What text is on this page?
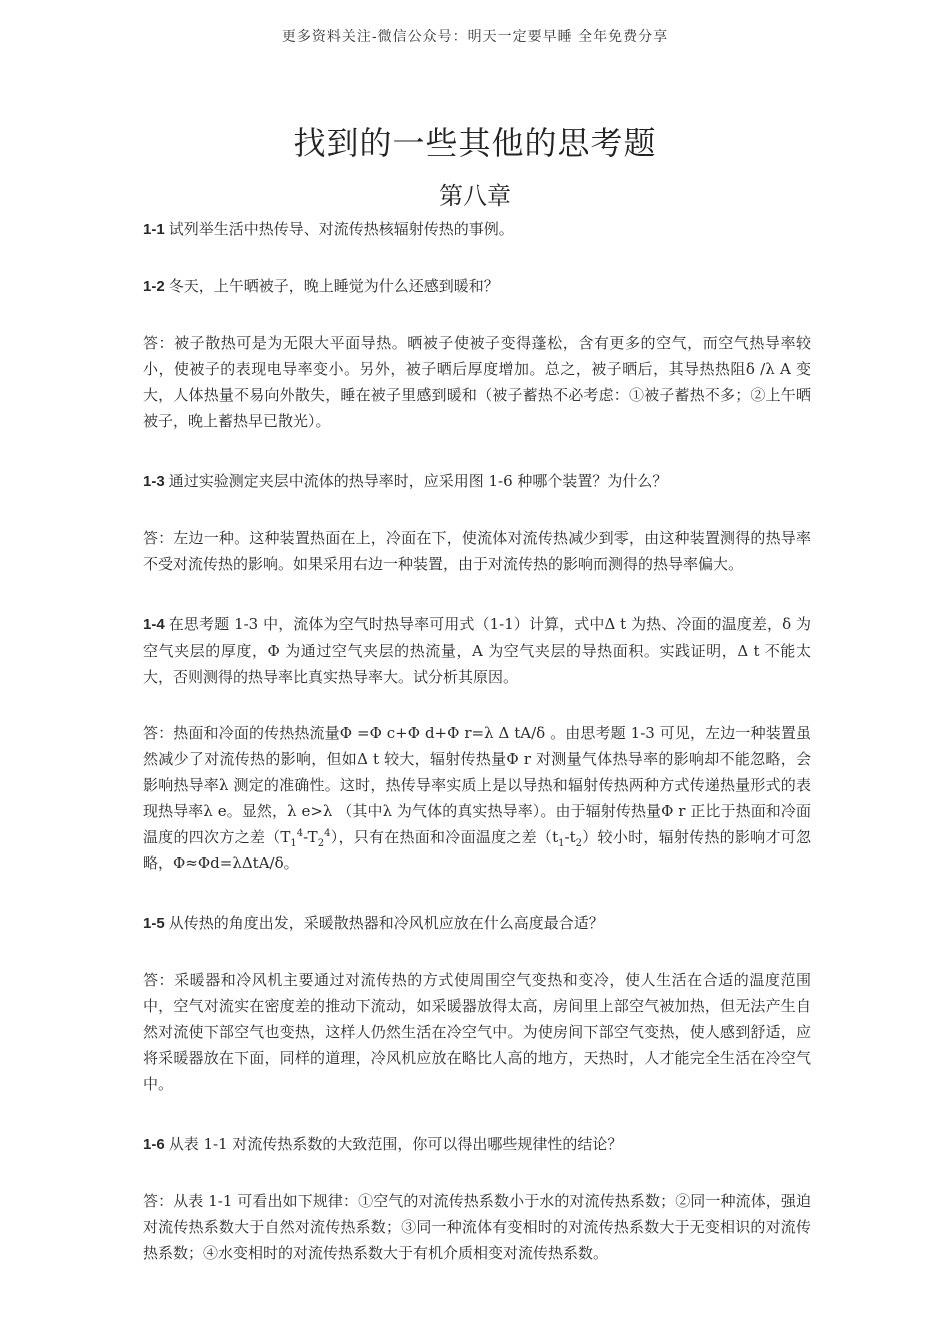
更多资料关注-微信公众号：明天一定要早睡 全年免费分享
找到的一些其他的思考题
第八章

1-1 试列举生活中热传导、对流传热核辐射传热的事例。

1-2 冬天，上午晒被子，晚上睡觉为什么还感到暖和？

答：被子散热可是为无限大平面导热。晒被子使被子变得蓬松，含有更多的空气，而空气热导率较小，使被子的表现电导率变小。另外，被子晒后厚度增加。总之，被子晒后，其导热热阻δ /λ A 变大，人体热量不易向外散失，睡在被子里感到暖和（被子蓄热不必考虑：①被子蓄热不多；②上午晒被子，晚上蓄热早已散光）。

1-3 通过实验测定夹层中流体的热导率时，应采用图 1-6 种哪个装置？为什么？

答：左边一种。这种装置热面在上，冷面在下，使流体对流传热减少到零，由这种装置测得的热导率不受对流传热的影响。如果采用右边一种装置，由于对流传热的影响而测得的热导率偏大。

1-4 在思考题 1-3 中，流体为空气时热导率可用式（1-1）计算，式中Δ t 为热、冷面的温度差，δ 为空气夹层的厚度，Φ 为通过空气夹层的热流量，A 为空气夹层的导热面积。实践证明，Δ t 不能太大，否则测得的热导率比真实热导率大。试分析其原因。

答：热面和冷面的传热热流量Φ =Φ c+Φ d+Φ r=λ Δ tA/δ 。由思考题 1-3 可见，左边一种装置虽然减少了对流传热的影响，但如Δ t 较大，辐射传热量Φ r 对测量气体热导率的影响却不能忽略，会影响热导率λ 测定的准确性。这时，热传导率实质上是以导热和辐射传热两种方式传递热量形式的表现热导率λ e。显然，λ e>λ （其中λ 为气体的真实热导率）。由于辐射传热量Φ r 正比于热面和冷面温度的四次方之差$(T_1^4-T_2^4)$，只有在热面和冷面温度之差$(t_1-t_2)$较小时，辐射传热的影响才可忽略，Φ≈Φd=λΔtA/δ。

1-5 从传热的角度出发，采暖散热器和冷风机应放在什么高度最合适？

答：采暖器和冷风机主要通过对流传热的方式使周围空气变热和变冷，使人生活在合适的温度范围中，空气对流实在密度差的推动下流动，如采暖器放得太高，房间里上部空气被加热，但无法产生自然对流使下部空气也变热，这样人仍然生活在冷空气中。为使房间下部空气变热，使人感到舒适，应将采暖器放在下面，同样的道理，冷风机应放在略比人高的地方，天热时，人才能完全生活在冷空气中。

1-6 从表 1-1 对流传热系数的大致范围，你可以得出哪些规律性的结论？

答：从表 1-1 可看出如下规律：①空气的对流传热系数小于水的对流传热系数；②同一种流体，强迫对流传热系数大于自然对流传热系数；③同一种流体有变相时的对流传热系数大于无变相识的对流传热系数；④水变相时的对流传热系数大于有机介质相变对流传热系数。
